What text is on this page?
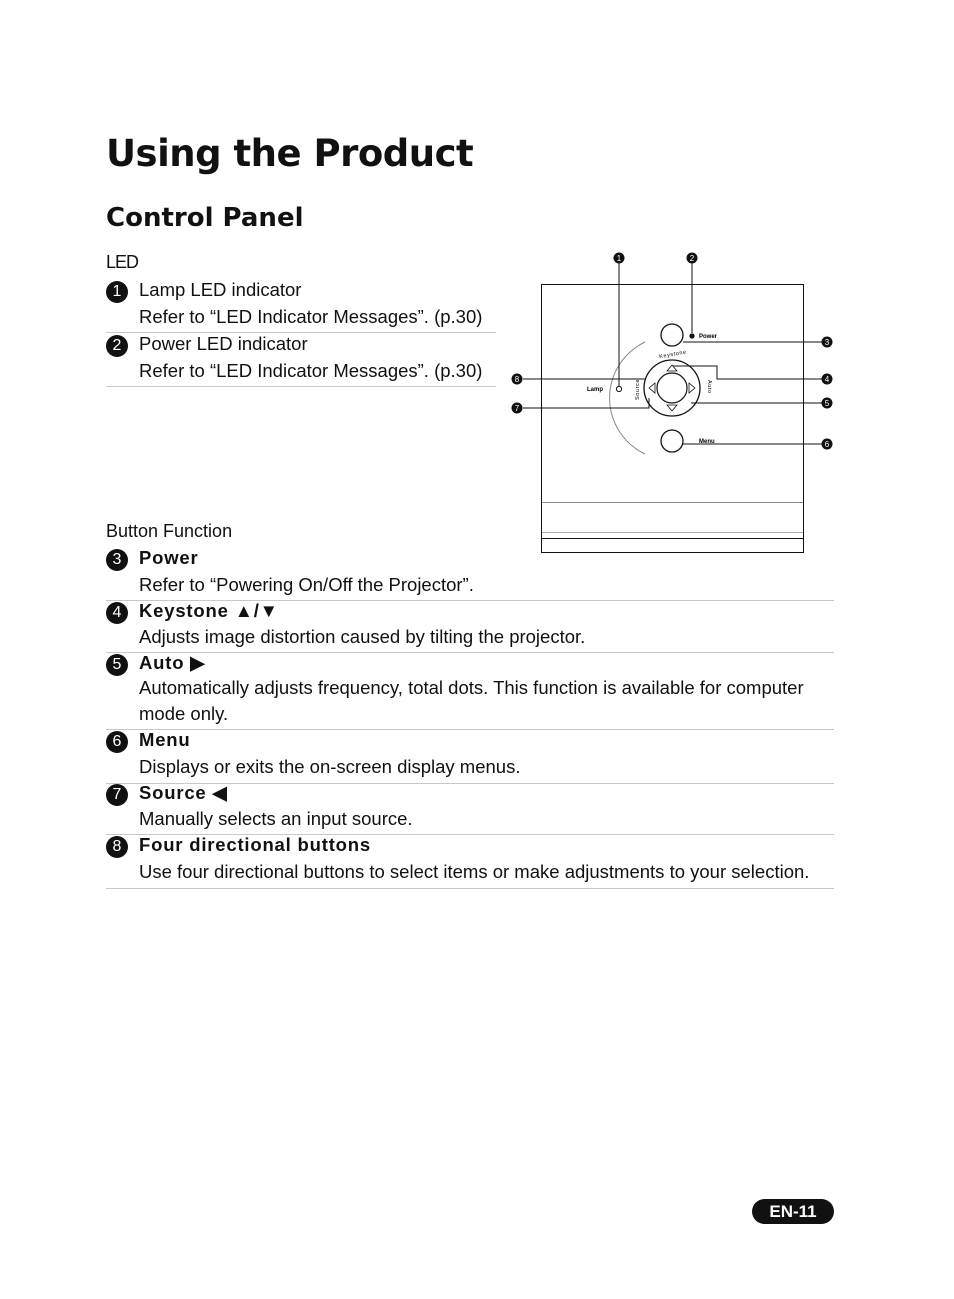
Using the Product
Control Panel
LED
1 Lamp LED indicator
Refer to “LED Indicator Messages”. (p.30)
2 Power LED indicator
Refer to “LED Indicator Messages”. (p.30)
Button Function
3 Power
Refer to “Powering On/Off the Projector”.
4 Keystone ▲/▼
Adjusts image distortion caused by tilting the projector.
5 Auto ▶
Automatically adjusts frequency, total dots. This function is available for computer mode only.
6 Menu
Displays or exits the on-screen display menus.
7 Source ◀
Manually selects an input source.
8 Four directional buttons
Use four directional buttons to select items or make adjustments to your selection.
Power
Lamp
Menu
Keystone
Source	Auto
1	2
3
4
5
6
7
8
EN-11
